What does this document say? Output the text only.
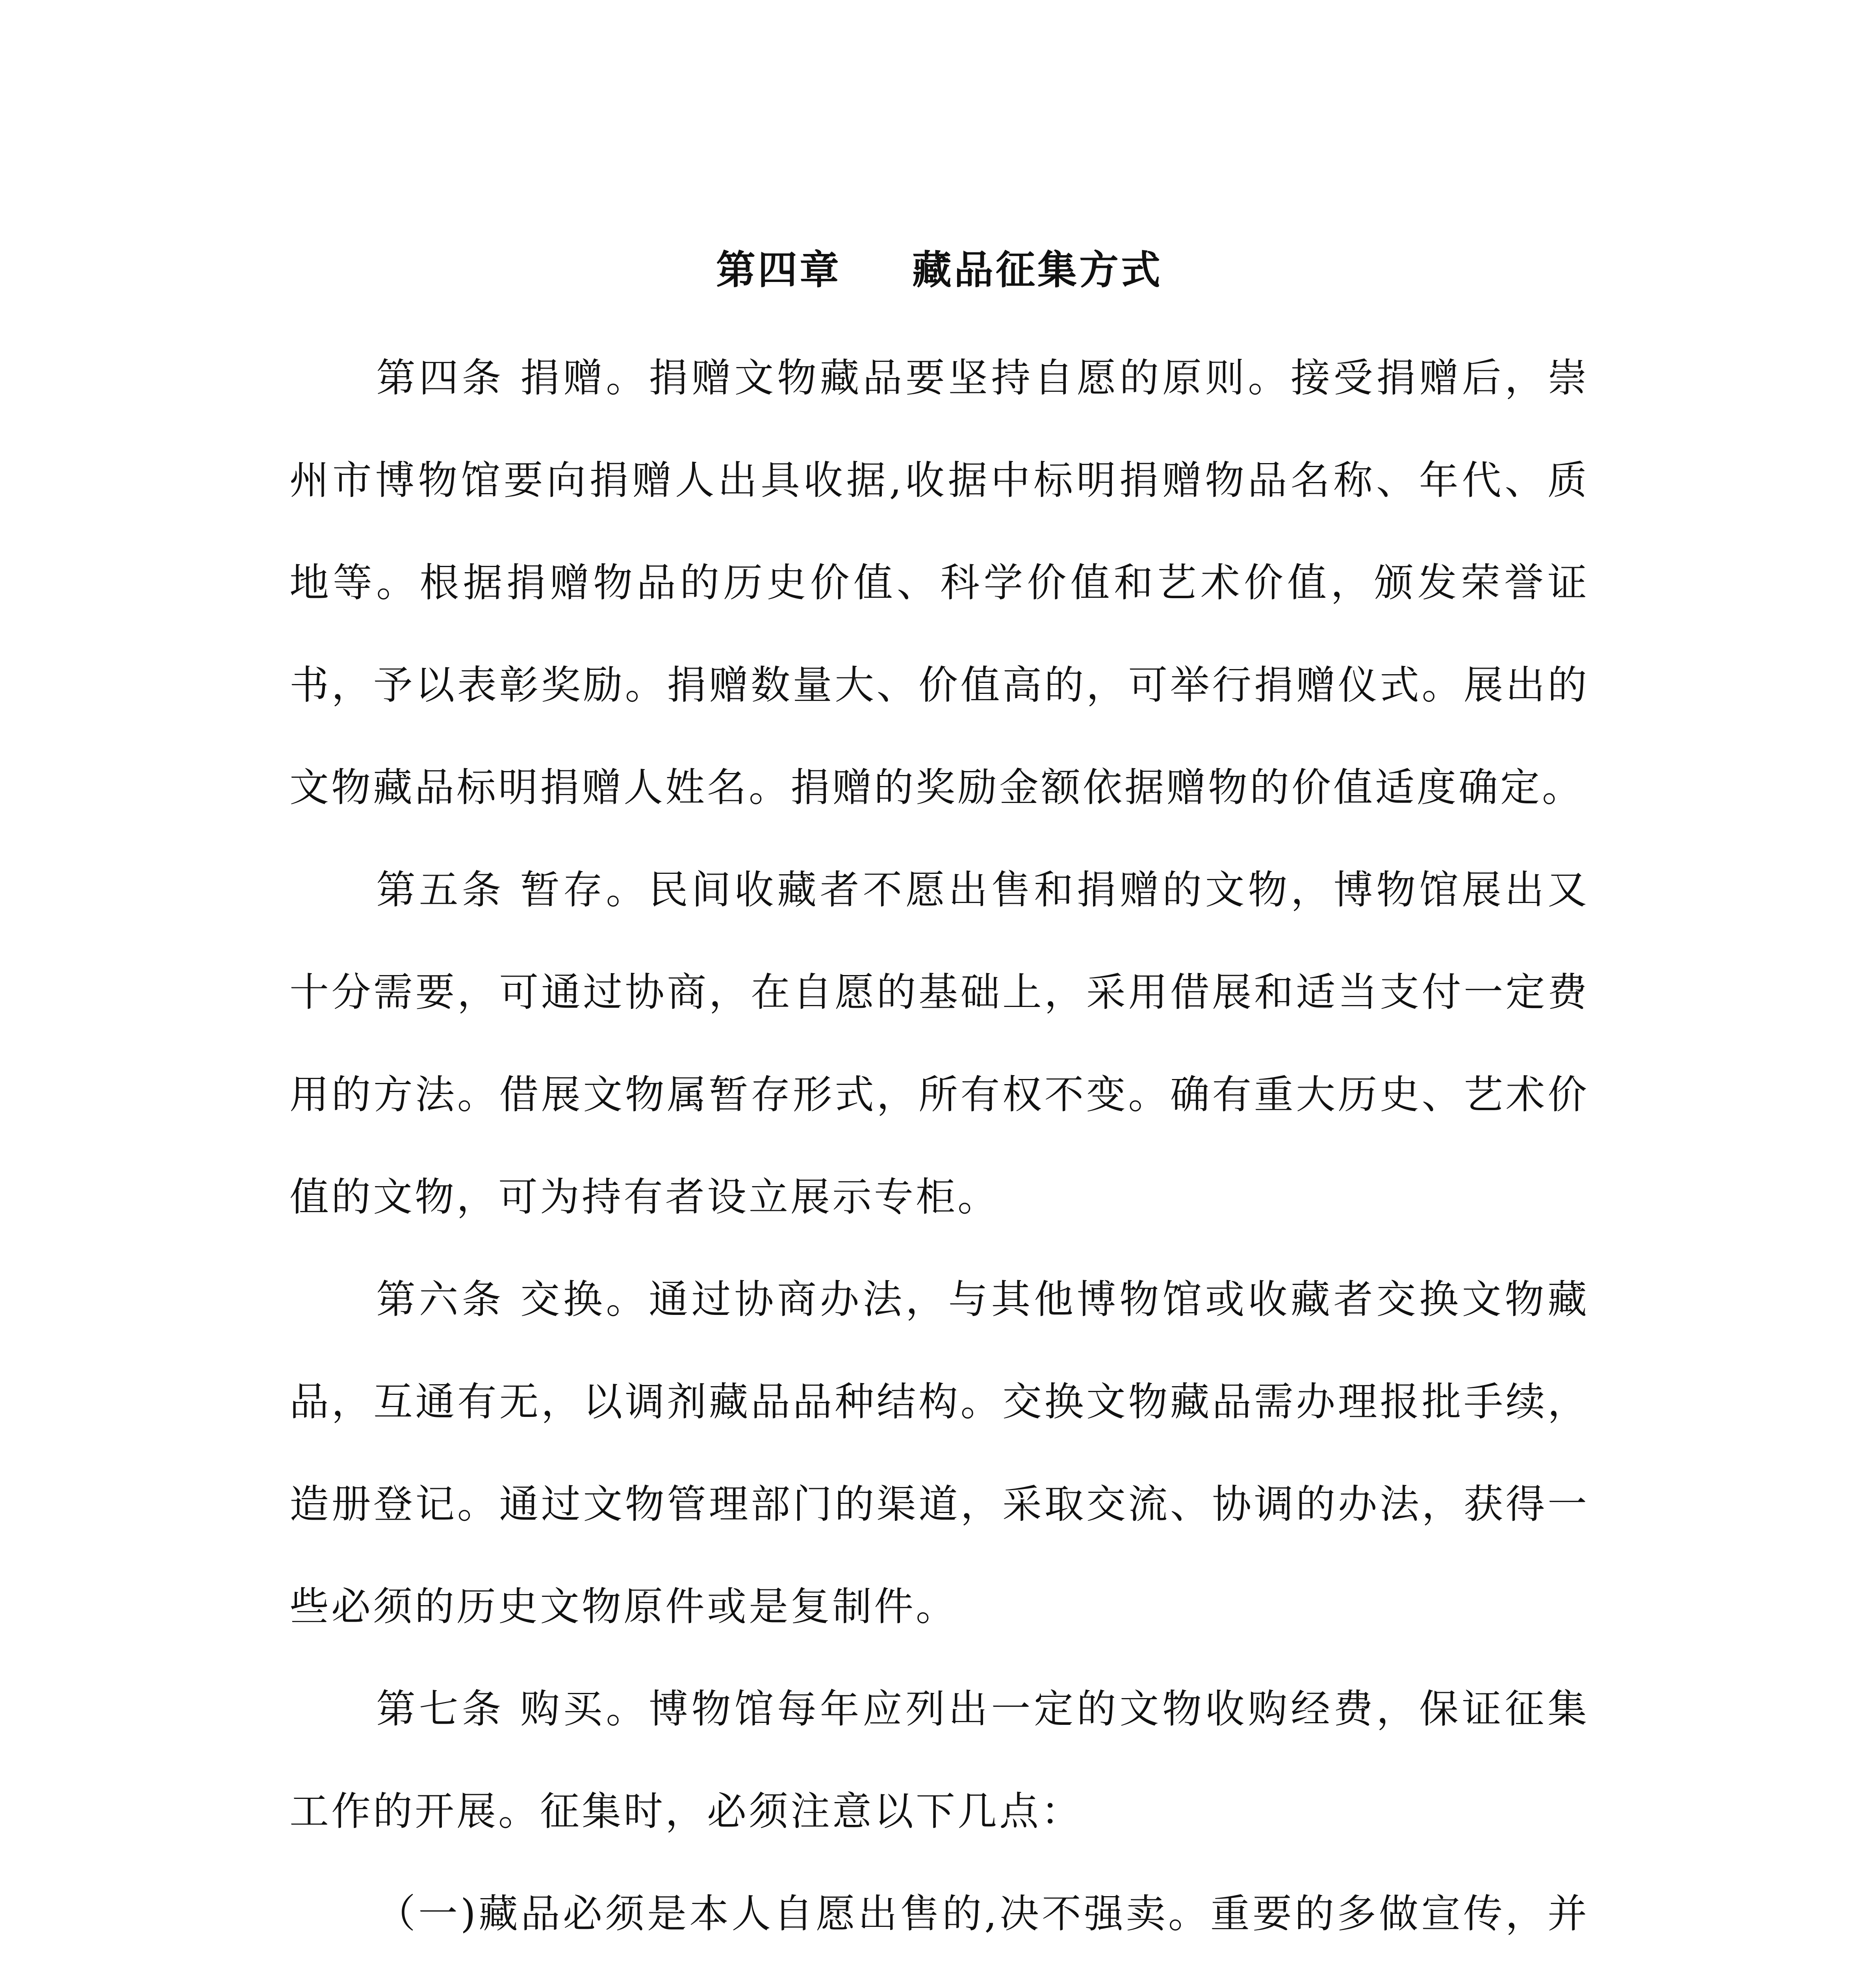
第四章 藏品征集方式

第四条 捐赠。捐赠文物藏品要坚持自愿的原则。接受捐赠后，崇州市博物馆要向捐赠人出具收据,收据中标明捐赠物品名称、年代、质地等。根据捐赠物品的历史价值、科学价值和艺术价值，颁发荣誉证书，予以表彰奖励。捐赠数量大、价值高的，可举行捐赠仪式。展出的文物藏品标明捐赠人姓名。捐赠的奖励金额依据赠物的价值适度确定。

第五条 暂存。民间收藏者不愿出售和捐赠的文物，博物馆展出又十分需要，可通过协商，在自愿的基础上，采用借展和适当支付一定费用的方法。借展文物属暂存形式，所有权不变。确有重大历史、艺术价值的文物，可为持有者设立展示专柜。

第六条 交换。通过协商办法，与其他博物馆或收藏者交换文物藏品，互通有无，以调剂藏品品种结构。交换文物藏品需办理报批手续，造册登记。通过文物管理部门的渠道，采取交流、协调的办法，获得一些必须的历史文物原件或是复制件。

第七条 购买。博物馆每年应列出一定的文物收购经费，保证征集工作的开展。征集时，必须注意以下几点：

（一)藏品必须是本人自愿出售的,决不强卖。重要的多做宣传，并
